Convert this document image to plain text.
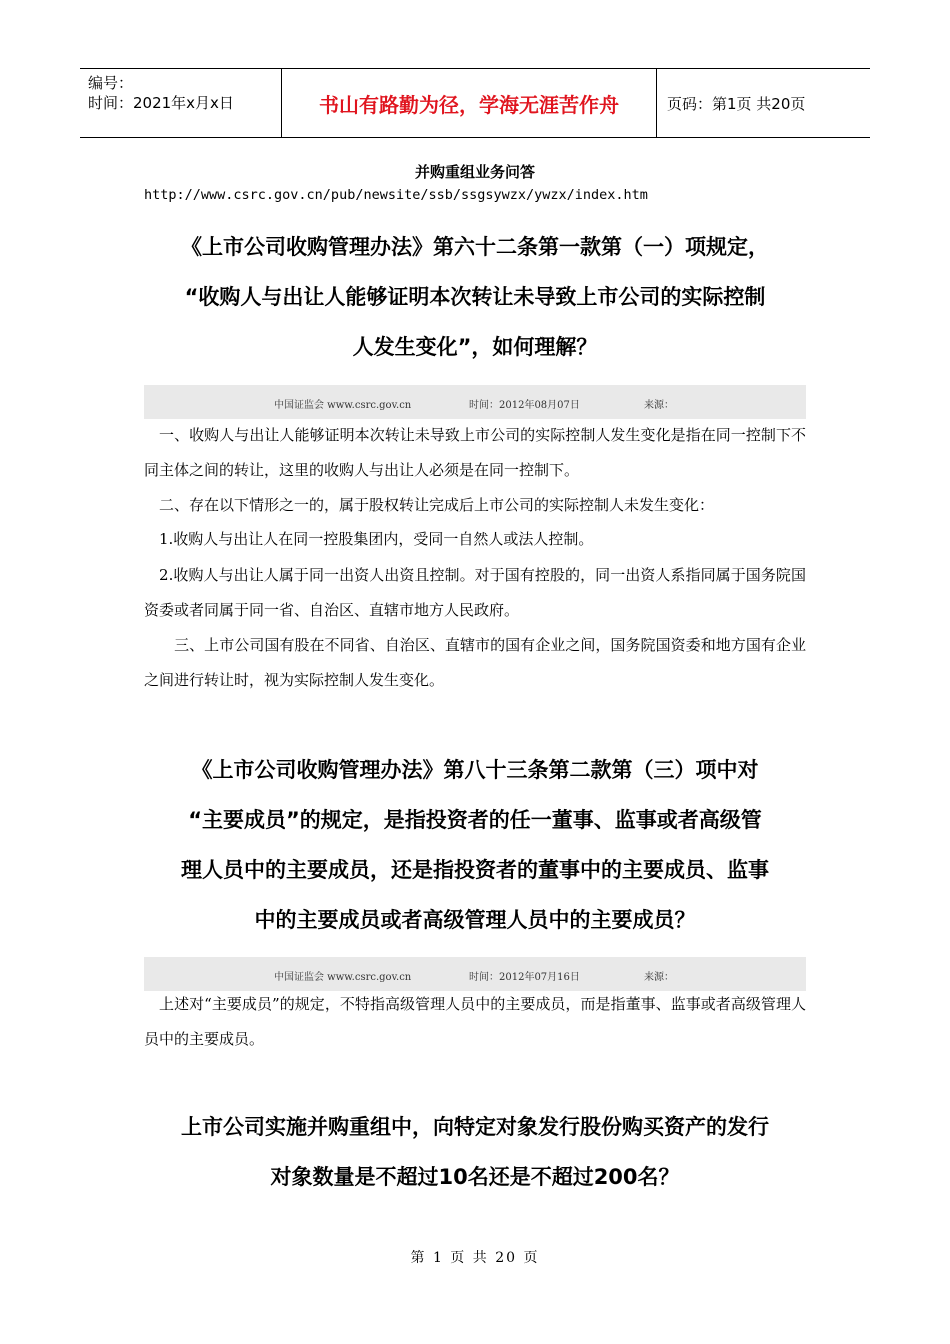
编号：
时间：2021年x月x日	书山有路勤为径，学海无涯苦作舟	页码：第1页 共20页
并购重组业务问答
http://www.csrc.gov.cn/pub/newsite/ssb/ssgsywzx/ywzx/index.htm
《上市公司收购管理办法》第六十二条第一款第（一）项规定，
“收购人与出让人能够证明本次转让未导致上市公司的实际控制
人发生变化”，如何理解？
中国证监会 www.csrc.gov.cn	时间：2012年08月07日	来源：
　一、收购人与出让人能够证明本次转让未导致上市公司的实际控制人发生变化是指在同一控制下不同主体之间的转让，这里的收购人与出让人必须是在同一控制下。
　二、存在以下情形之一的，属于股权转让完成后上市公司的实际控制人未发生变化：
　1.收购人与出让人在同一控股集团内，受同一自然人或法人控制。
　2.收购人与出让人属于同一出资人出资且控制。对于国有控股的，同一出资人系指同属于国务院国资委或者同属于同一省、自治区、直辖市地方人民政府。
　　三、上市公司国有股在不同省、自治区、直辖市的国有企业之间，国务院国资委和地方国有企业之间进行转让时，视为实际控制人发生变化。
《上市公司收购管理办法》第八十三条第二款第（三）项中对
“主要成员”的规定，是指投资者的任一董事、监事或者高级管
理人员中的主要成员，还是指投资者的董事中的主要成员、监事
中的主要成员或者高级管理人员中的主要成员？
中国证监会 www.csrc.gov.cn	时间：2012年07月16日	来源：
　上述对“主要成员”的规定，不特指高级管理人员中的主要成员，而是指董事、监事或者高级管理人员中的主要成员。
上市公司实施并购重组中，向特定对象发行股份购买资产的发行
对象数量是不超过10名还是不超过200名？
第 1 页 共 20 页
